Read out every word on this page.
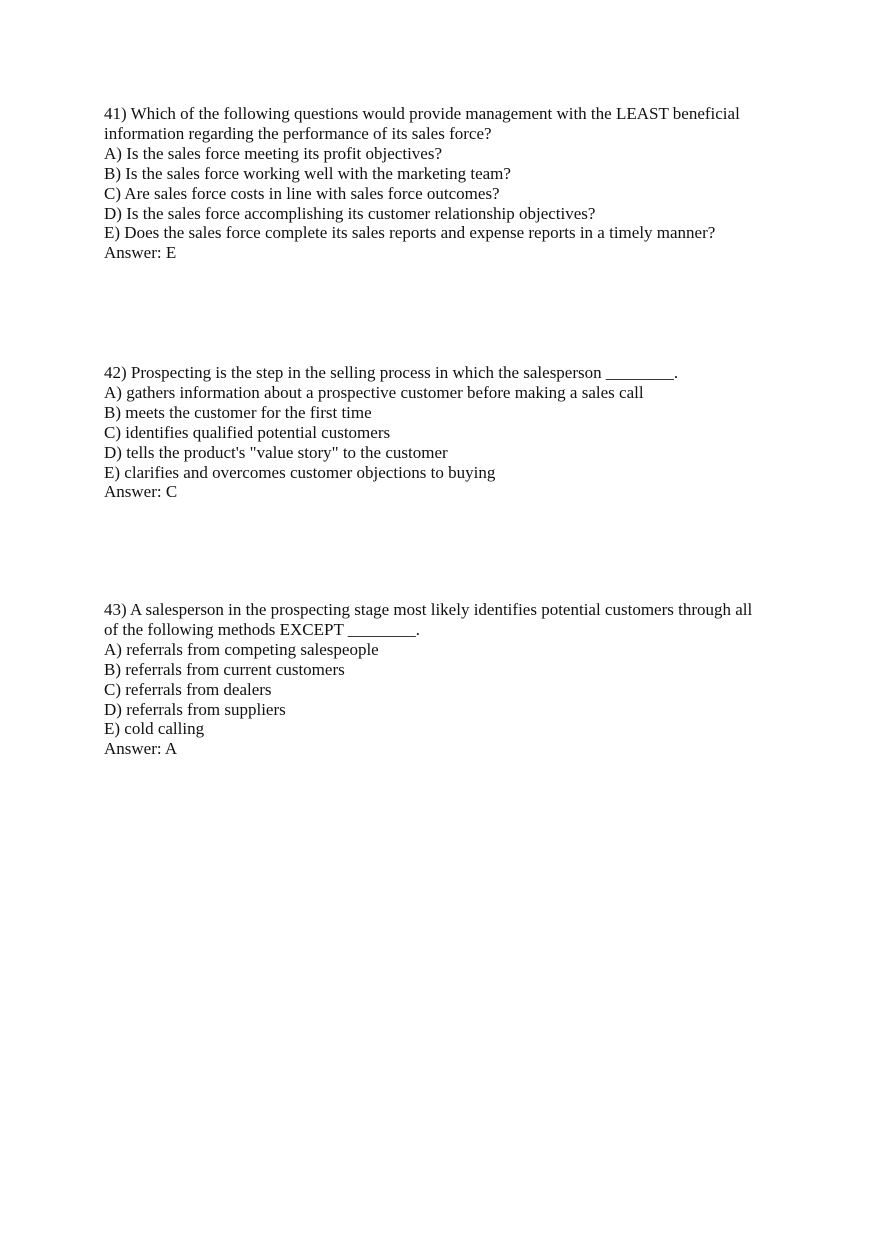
41) Which of the following questions would provide management with the LEAST beneficial
information regarding the performance of its sales force?
A) Is the sales force meeting its profit objectives?
B) Is the sales force working well with the marketing team?
C) Are sales force costs in line with sales force outcomes?
D) Is the sales force accomplishing its customer relationship objectives?
E) Does the sales force complete its sales reports and expense reports in a timely manner?
Answer: E
42) Prospecting is the step in the selling process in which the salesperson ________.
A) gathers information about a prospective customer before making a sales call
B) meets the customer for the first time
C) identifies qualified potential customers
D) tells the product's "value story" to the customer
E) clarifies and overcomes customer objections to buying
Answer: C
43) A salesperson in the prospecting stage most likely identifies potential customers through all
of the following methods EXCEPT ________.
A) referrals from competing salespeople
B) referrals from current customers
C) referrals from dealers
D) referrals from suppliers
E) cold calling
Answer: A
